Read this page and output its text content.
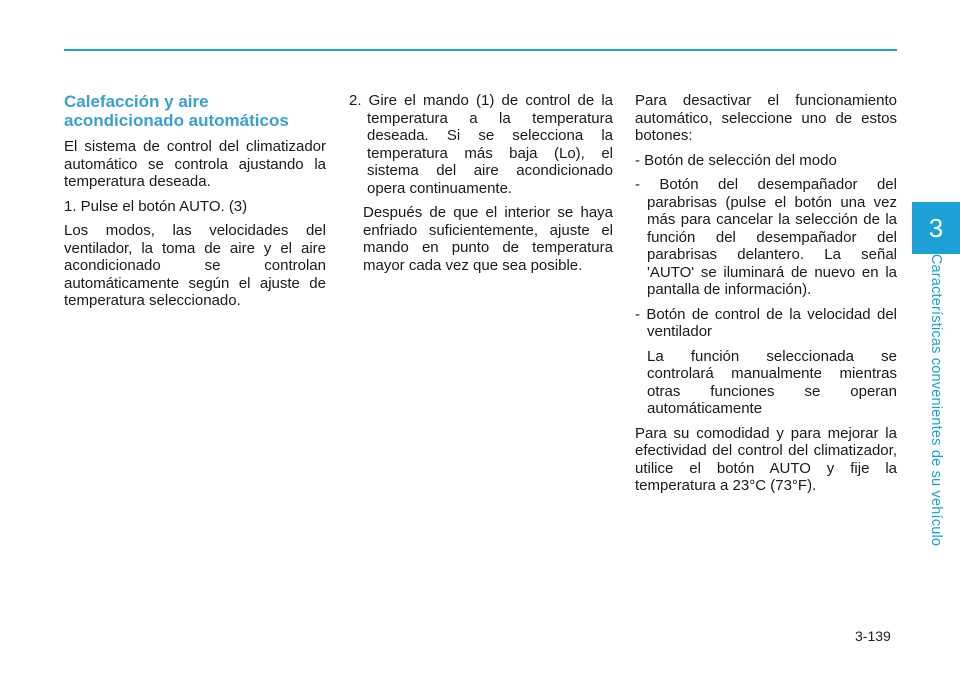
3
Características convenientes de su vehículo
Calefacción y aire acondicionado automáticos

El sistema de control del climatizador automático se controla ajustando la temperatura deseada.

1. Pulse el botón AUTO. (3)

Los modos, las velocidades del ventilador, la toma de aire y el aire acondicionado se controlan automáticamente según el ajuste de temperatura seleccionado.

2. Gire el mando (1) de control de la temperatura a la temperatura deseada. Si se selecciona la temperatura más baja (Lo), el sistema del aire acondicionado opera continuamente.

Después de que el interior se haya enfriado suficientemente, ajuste el mando en punto de temperatura mayor cada vez que sea posible.

Para desactivar el funcionamiento automático, seleccione uno de estos botones:

- Botón de selección del modo

- Botón del desempañador del parabrisas (pulse el botón una vez más para cancelar la selección de la función del desempañador del parabrisas delantero. La señal 'AUTO' se iluminará de nuevo en la pantalla de información).

- Botón de control de la velocidad del ventilador

La función seleccionada se controlará manualmente mientras otras funciones se operan automáticamente

Para su comodidad y para mejorar la efectividad del control del climatizador, utilice el botón AUTO y fije la temperatura a 23°C (73°F).

3-139
